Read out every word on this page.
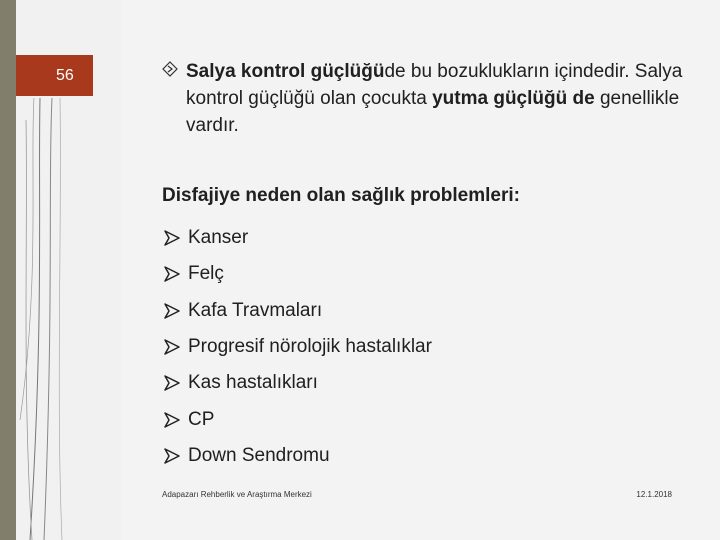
56	Salya kontrol güçlüğüde bu bozuklukların içindedir. Salya kontrol güçlüğü olan çocukta yutma güçlüğü de genellikle vardır.
Disfajiye neden olan sağlık problemleri:
Kanser
Felç
Kafa Travmaları
Progresif nörolojik hastalıklar
Kas hastalıkları
CP
Down Sendromu
Adapazarı Rehberlik ve Araştırma Merkezi	12.1.2018
